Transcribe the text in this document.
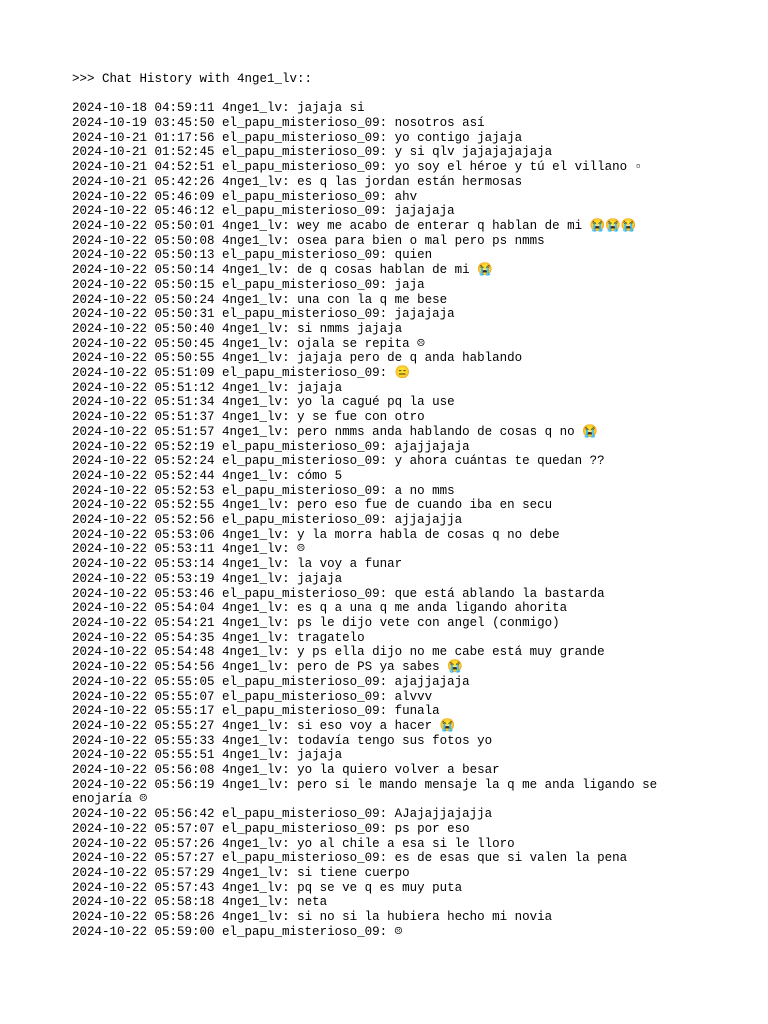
>>> Chat History with 4nge1_lv::
2024-10-18 04:59:11 4nge1_lv: jajaja si
2024-10-19 03:45:50 el_papu_misterioso_09: nosotros así
2024-10-21 01:17:56 el_papu_misterioso_09: yo contigo jajaja
2024-10-21 01:52:45 el_papu_misterioso_09: y si qlv jajajajajaja
2024-10-21 04:52:51 el_papu_misterioso_09: yo soy el héroe y tú el villano ▫
2024-10-21 05:42:26 4nge1_lv: es q las jordan están hermosas
2024-10-22 05:46:09 el_papu_misterioso_09: ahv
2024-10-22 05:46:12 el_papu_misterioso_09: jajajaja
2024-10-22 05:50:01 4nge1_lv: wey me acabo de enterar q hablan de mi 😭😭😭
2024-10-22 05:50:08 4nge1_lv: osea para bien o mal pero ps nmms
2024-10-22 05:50:13 el_papu_misterioso_09: quien
2024-10-22 05:50:14 4nge1_lv: de q cosas hablan de mi 😭
2024-10-22 05:50:15 el_papu_misterioso_09: jaja
2024-10-22 05:50:24 4nge1_lv: una con la q me bese
2024-10-22 05:50:31 el_papu_misterioso_09: jajajaja
2024-10-22 05:50:40 4nge1_lv: si nmms jajaja
2024-10-22 05:50:45 4nge1_lv: ojala se repita ☹
2024-10-22 05:50:55 4nge1_lv: jajaja pero de q anda hablando
2024-10-22 05:51:09 el_papu_misterioso_09: 😑
2024-10-22 05:51:12 4nge1_lv: jajaja
2024-10-22 05:51:34 4nge1_lv: yo la cagué pq la use
2024-10-22 05:51:37 4nge1_lv: y se fue con otro
2024-10-22 05:51:57 4nge1_lv: pero nmms anda hablando de cosas q no 😭
2024-10-22 05:52:19 el_papu_misterioso_09: ajajjajaja
2024-10-22 05:52:24 el_papu_misterioso_09: y ahora cuántas te quedan ??
2024-10-22 05:52:44 4nge1_lv: cómo 5
2024-10-22 05:52:53 el_papu_misterioso_09: a no mms
2024-10-22 05:52:55 4nge1_lv: pero eso fue de cuando iba en secu
2024-10-22 05:52:56 el_papu_misterioso_09: ajjajajja
2024-10-22 05:53:06 4nge1_lv: y la morra habla de cosas q no debe
2024-10-22 05:53:11 4nge1_lv: ☹
2024-10-22 05:53:14 4nge1_lv: la voy a funar
2024-10-22 05:53:19 4nge1_lv: jajaja
2024-10-22 05:53:46 el_papu_misterioso_09: que está ablando la bastarda
2024-10-22 05:54:04 4nge1_lv: es q a una q me anda ligando ahorita
2024-10-22 05:54:21 4nge1_lv: ps le dijo vete con angel (conmigo)
2024-10-22 05:54:35 4nge1_lv: tragatelo
2024-10-22 05:54:48 4nge1_lv: y ps ella dijo no me cabe está muy grande
2024-10-22 05:54:56 4nge1_lv: pero de PS ya sabes 😭
2024-10-22 05:55:05 el_papu_misterioso_09: ajajjajaja
2024-10-22 05:55:07 el_papu_misterioso_09: alvvv
2024-10-22 05:55:17 el_papu_misterioso_09: funala
2024-10-22 05:55:27 4nge1_lv: si eso voy a hacer 😭
2024-10-22 05:55:33 4nge1_lv: todavía tengo sus fotos yo
2024-10-22 05:55:51 4nge1_lv: jajaja
2024-10-22 05:56:08 4nge1_lv: yo la quiero volver a besar
2024-10-22 05:56:19 4nge1_lv: pero si le mando mensaje la q me anda ligando se enojaría ☹
2024-10-22 05:56:42 el_papu_misterioso_09: AJajajjajajja
2024-10-22 05:57:07 el_papu_misterioso_09: ps por eso
2024-10-22 05:57:26 4nge1_lv: yo al chile a esa si le lloro
2024-10-22 05:57:27 el_papu_misterioso_09: es de esas que si valen la pena
2024-10-22 05:57:29 4nge1_lv: si tiene cuerpo
2024-10-22 05:57:43 4nge1_lv: pq se ve q es muy puta
2024-10-22 05:58:18 4nge1_lv: neta
2024-10-22 05:58:26 4nge1_lv: si no si la hubiera hecho mi novia
2024-10-22 05:59:00 el_papu_misterioso_09: ☹
